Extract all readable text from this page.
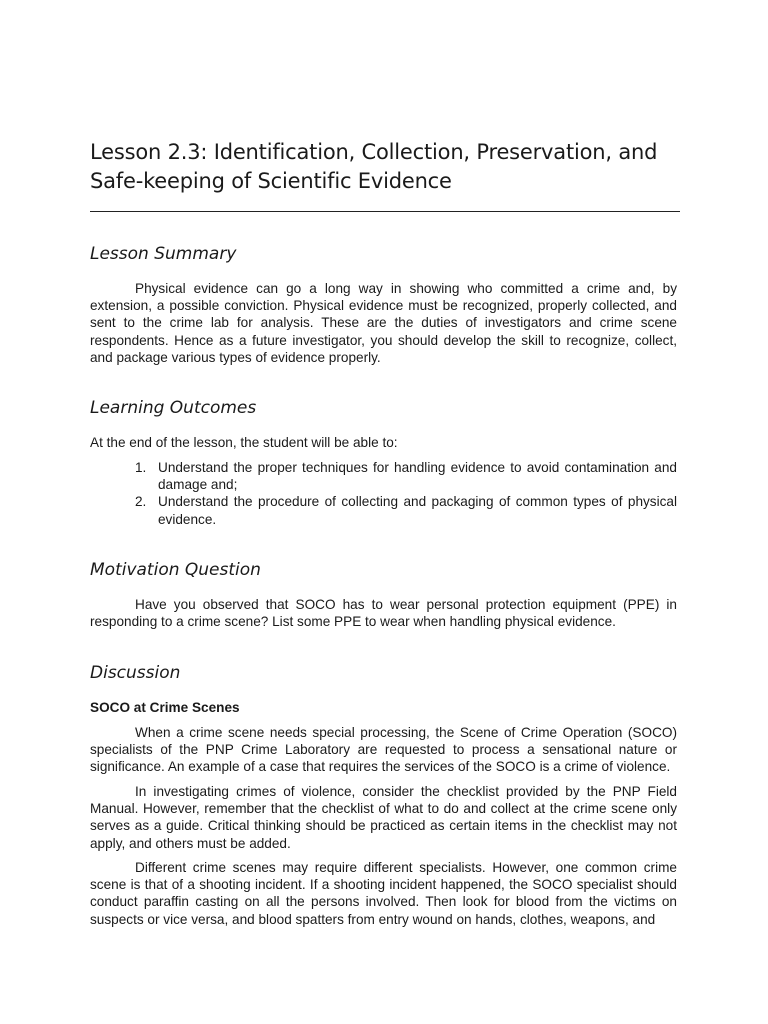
Lesson 2.3: Identification, Collection, Preservation, and Safe-keeping of Scientific Evidence
Lesson Summary

Physical evidence can go a long way in showing who committed a crime and, by extension, a possible conviction. Physical evidence must be recognized, properly collected, and sent to the crime lab for analysis. These are the duties of investigators and crime scene respondents. Hence as a future investigator, you should develop the skill to recognize, collect, and package various types of evidence properly.

Learning Outcomes

At the end of the lesson, the student will be able to:

1. Understand the proper techniques for handling evidence to avoid contamination and damage and;
2. Understand the procedure of collecting and packaging of common types of physical evidence.
Motivation Question

Have you observed that SOCO has to wear personal protection equipment (PPE) in responding to a crime scene? List some PPE to wear when handling physical evidence.

Discussion

SOCO at Crime Scenes

When a crime scene needs special processing, the Scene of Crime Operation (SOCO) specialists of the PNP Crime Laboratory are requested to process a sensational nature or significance. An example of a case that requires the services of the SOCO is a crime of violence.

In investigating crimes of violence, consider the checklist provided by the PNP Field Manual. However, remember that the checklist of what to do and collect at the crime scene only serves as a guide. Critical thinking should be practiced as certain items in the checklist may not apply, and others must be added.

Different crime scenes may require different specialists. However, one common crime scene is that of a shooting incident. If a shooting incident happened, the SOCO specialist should conduct paraffin casting on all the persons involved. Then look for blood from the victims on suspects or vice versa, and blood spatters from entry wound on hands, clothes, weapons, and
